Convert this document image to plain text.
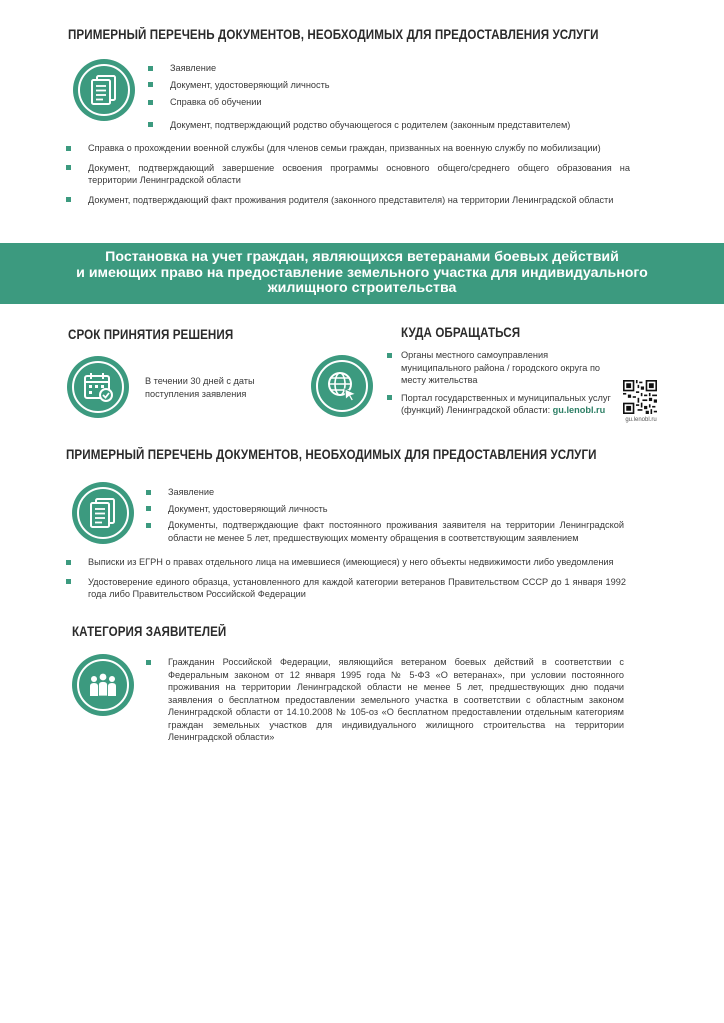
ПРИМЕРНЫЙ ПЕРЕЧЕНЬ ДОКУМЕНТОВ, НЕОБХОДИМЫХ ДЛЯ ПРЕДОСТАВЛЕНИЯ УСЛУГИ
Заявление
Документ, удостоверяющий личность
Справка об обучении
Документ, подтверждающий родство обучающегося с родителем (законным представителем)
Справка о прохождении военной службы (для членов семьи граждан, призванных на военную службу по мобилизации)
Документ, подтверждающий завершение освоения программы основного общего/среднего общего образования на территории Ленинградской области
Документ, подтверждающий факт проживания родителя (законного представителя) на территории Ленинградской области
Постановка на учет граждан, являющихся ветеранами боевых действий
и имеющих право на предоставление земельного участка для индивидуального
жилищного строительства
СРОК ПРИНЯТИЯ РЕШЕНИЯ
В течении 30 дней с даты
поступления заявления
КУДА ОБРАЩАТЬСЯ
Органы местного самоуправления муниципального района / городского округа по месту жительства
Портал государственных и муниципальных услуг (функций) Ленинградской области: gu.lenobl.ru
gu.lenobl.ru
ПРИМЕРНЫЙ ПЕРЕЧЕНЬ ДОКУМЕНТОВ, НЕОБХОДИМЫХ ДЛЯ ПРЕДОСТАВЛЕНИЯ УСЛУГИ
Заявление
Документ, удостоверяющий личность
Документы, подтверждающие факт постоянного проживания заявителя на территории Ленинградской области не менее 5 лет, предшествующих моменту обращения в соответствующим заявлением
Выписки из ЕГРН о правах отдельного лица на имевшиеся (имеющиеся) у него объекты недвижимости либо уведомления
Удостоверение единого образца, установленного для каждой категории ветеранов Правительством СССР до 1 января 1992 года либо Правительством Российской Федерации
КАТЕГОРИЯ ЗАЯВИТЕЛЕЙ
Гражданин Российской Федерации, являющийся ветераном боевых действий в соответствии с Федеральным законом от 12 января 1995 года № 5-ФЗ «О ветеранах», при условии постоянного проживания на территории Ленинградской области не менее 5 лет, предшествующих дню подачи заявления о бесплатном предоставлении земельного участка в соответствии с областным законом Ленинградской области от 14.10.2008 № 105-оз «О бесплатном предоставлении отдельным категориям граждан земельных участков для индивидуального жилищного строительства на территории Ленинградской области»
